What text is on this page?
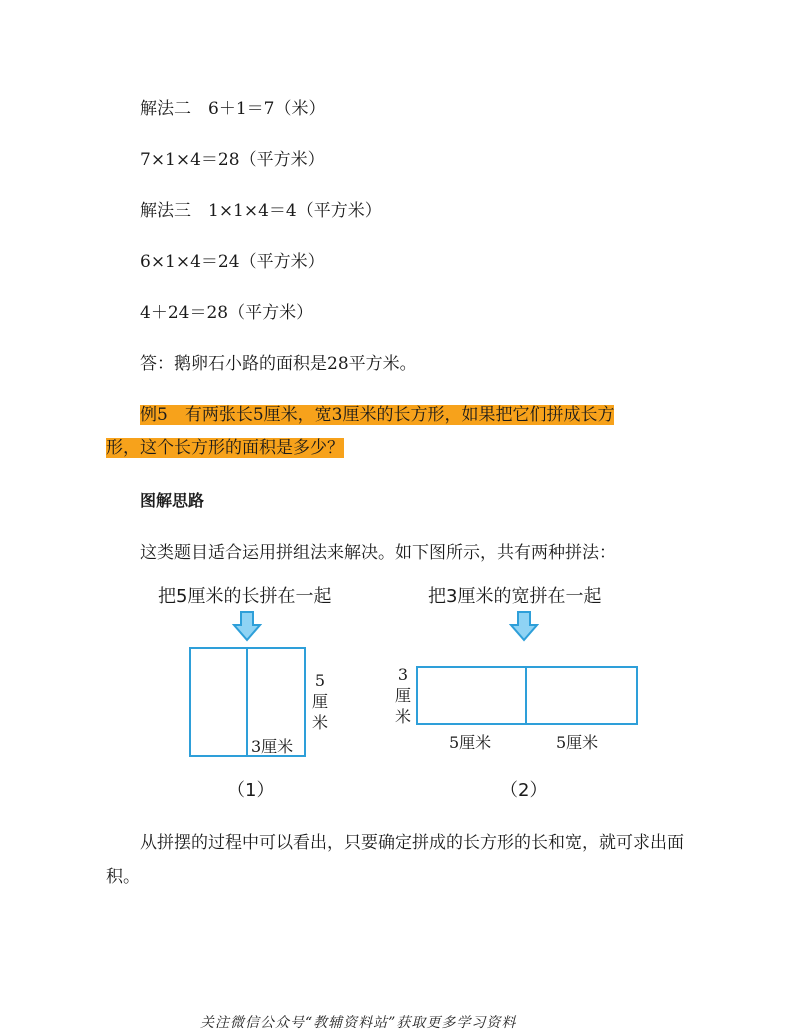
解法二　6＋1＝7（米）
7×1×4＝28（平方米）
解法三　1×1×4＝4（平方米）
6×1×4＝24（平方米）
4＋24＝28（平方米）
答：鹅卵石小路的面积是28平方米。
例5　有两张长5厘米，宽3厘米的长方形，如果把它们拼成长方
形，这个长方形的面积是多少？
图解思路
这类题目适合运用拼组法来解决。如下图所示，共有两种拼法：
把5厘米的长拼在一起
3厘米
5
厘
米
（1）
把3厘米的宽拼在一起
3
厘
米
5厘米	5厘米
（2）
从拼摆的过程中可以看出，只要确定拼成的长方形的长和宽，就可求出面积。
关注微信公众号“教辅资料站”获取更多学习资料
